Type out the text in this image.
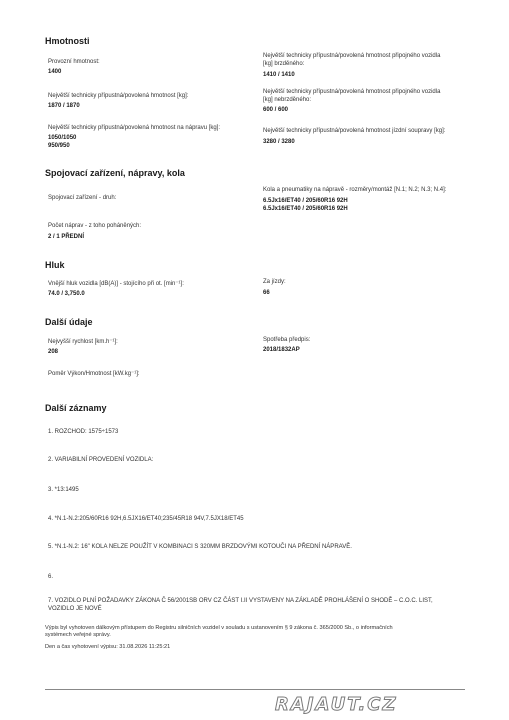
Hmotnosti
Provozní hmotnost:
1400
Největší technicky přípustná/povolená hmotnost [kg]:
1870 / 1870
Největší technicky přípustná/povolená hmotnost na nápravu [kg]:
1050/1050
950/950
Největší technicky přípustná/povolená hmotnost připojného vozidla
[kg] brzděného:
1410 / 1410
Největší technicky přípustná/povolená hmotnost připojného vozidla
[kg] nebrzděného:
600 / 600
Největší technicky přípustná/povolená hmotnost jízdní soupravy [kg]:
3280 / 3280
Spojovací zařízení, nápravy, kola
Spojovací zařízení - druh:
Kola a pneumatiky na nápravě - rozměry/montáž [N.1; N.2; N.3; N.4]:
6.5Jx16/ET40 / 205/60R16 92H
6.5Jx16/ET40 / 205/60R16 92H
Počet náprav - z toho poháněných:
2 / 1 PŘEDNÍ
Hluk
Vnější hluk vozidla [dB(A)] - stojícího při ot. [min⁻¹]:
74.0 / 3,750.0
Za jízdy:
66
Další údaje
Nejvyšší rychlost [km.h⁻¹]:
208
Spotřeba předpis:
2018/1832AP
Poměr Výkon/Hmotnost [kW.kg⁻¹]:
Další záznamy
1. ROZCHOD: 1575÷1573
2. VARIABILNÍ PROVEDENÍ VOZIDLA:
3. *13:1495
4. *N.1-N.2:205/60R16 92H,6.5JX16/ET40;235/45R18 94V,7.5JX18/ET45
5. *N.1-N.2: 16" KOLA NELZE POUŽÍT V KOMBINACI S 320MM BRZDOVÝMI KOTOUČI NA PŘEDNÍ NÁPRAVĚ.
6.
7. VOZIDLO PLNÍ POŽADAVKY ZÁKONA Č 56/2001SB ORV CZ ČÁST I.II VYSTAVENY NA ZÁKLADĚ PROHLÁŠENÍ O SHODĚ – C.O.C. LIST,
VOZIDLO JE NOVÉ
Výpis byl vyhotoven dálkovým přístupem do Registru silničních vozidel v souladu s ustanovením § 9 zákona č. 365/2000 Sb., o informačních
systémech veřejné správy.
Den a čas vyhotovení výpisu: 31.08.2026 11:25:21
RAJAUT.CZ
